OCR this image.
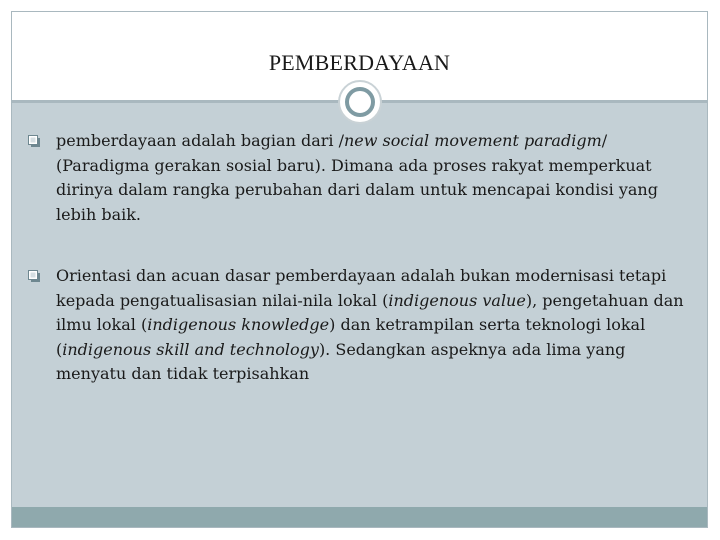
PEMBERDAYAAN
pemberdayaan adalah bagian dari /new social movement paradigm/ (Paradigma gerakan sosial baru). Dimana ada proses rakyat memperkuat dirinya dalam rangka perubahan dari dalam untuk mencapai kondisi yang lebih baik.
Orientasi dan acuan dasar pemberdayaan adalah bukan modernisasi tetapi kepada pengatualisasian nilai-nila lokal (indigenous value), pengetahuan dan ilmu lokal (indigenous knowledge) dan ketrampilan serta teknologi lokal (indigenous skill and technology). Sedangkan aspeknya ada lima yang menyatu dan tidak terpisahkan
